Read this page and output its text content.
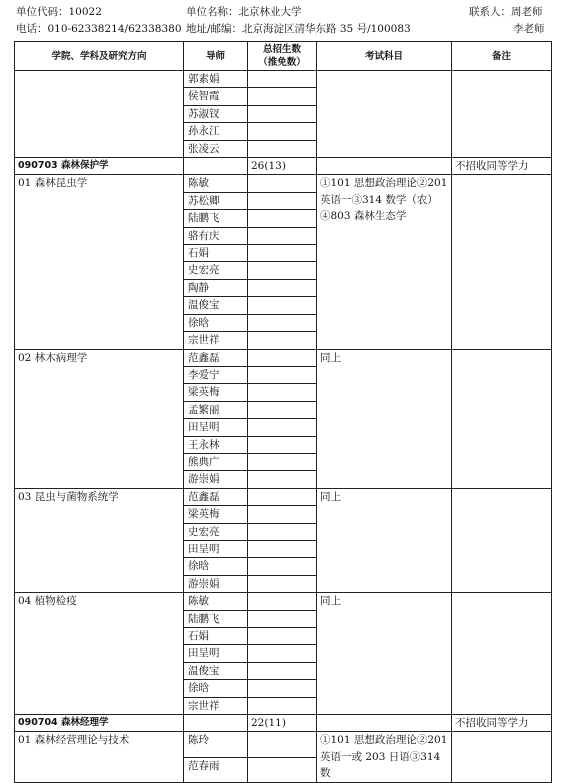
单位代码：10022	单位名称：北京林业大学	联系人：周老师
李老师
电话：010-62338214/62338380 地址/邮编：北京海淀区清华东路 35 号/100083
学院、学科及研究方向	导师	总招生数
（推免数）	考试科目	备注
	郭素娟			
	侯智霞			
	苏淑钗			
	孙永江			
	张凌云			
090703 森林保护学		26(13)		不招收同等学力
01 森林昆虫学	陈敏		①101 思想政治理论②201 英语一③314 数学（农）④803 森林生态学	
	苏松卿			
	陆鹏飞			
	骆有庆			
	石娟			
	史宏亮			
	陶静			
	温俊宝			
	徐晗			
	宗世祥			
02 林木病理学	范鑫磊		同上	
	李爱宁			
	梁英梅			
	孟繁丽			
	田呈明			
	王永林			
	熊典广			
	游崇娟			
03 昆虫与菌物系统学	范鑫磊		同上	
	梁英梅			
	史宏亮			
	田呈明			
	徐晗			
	游崇娟			
04 植物检疫	陈敏		同上	
	陆鹏飞			
	石娟			
	田呈明			
	温俊宝			
	徐晗			
	宗世祥			
090704 森林经理学		22(11)		不招收同等学力
01 森林经营理论与技术	陈玲		①101 思想政治理论②201 英语一或 203 日语③314 数	
	范春雨			
